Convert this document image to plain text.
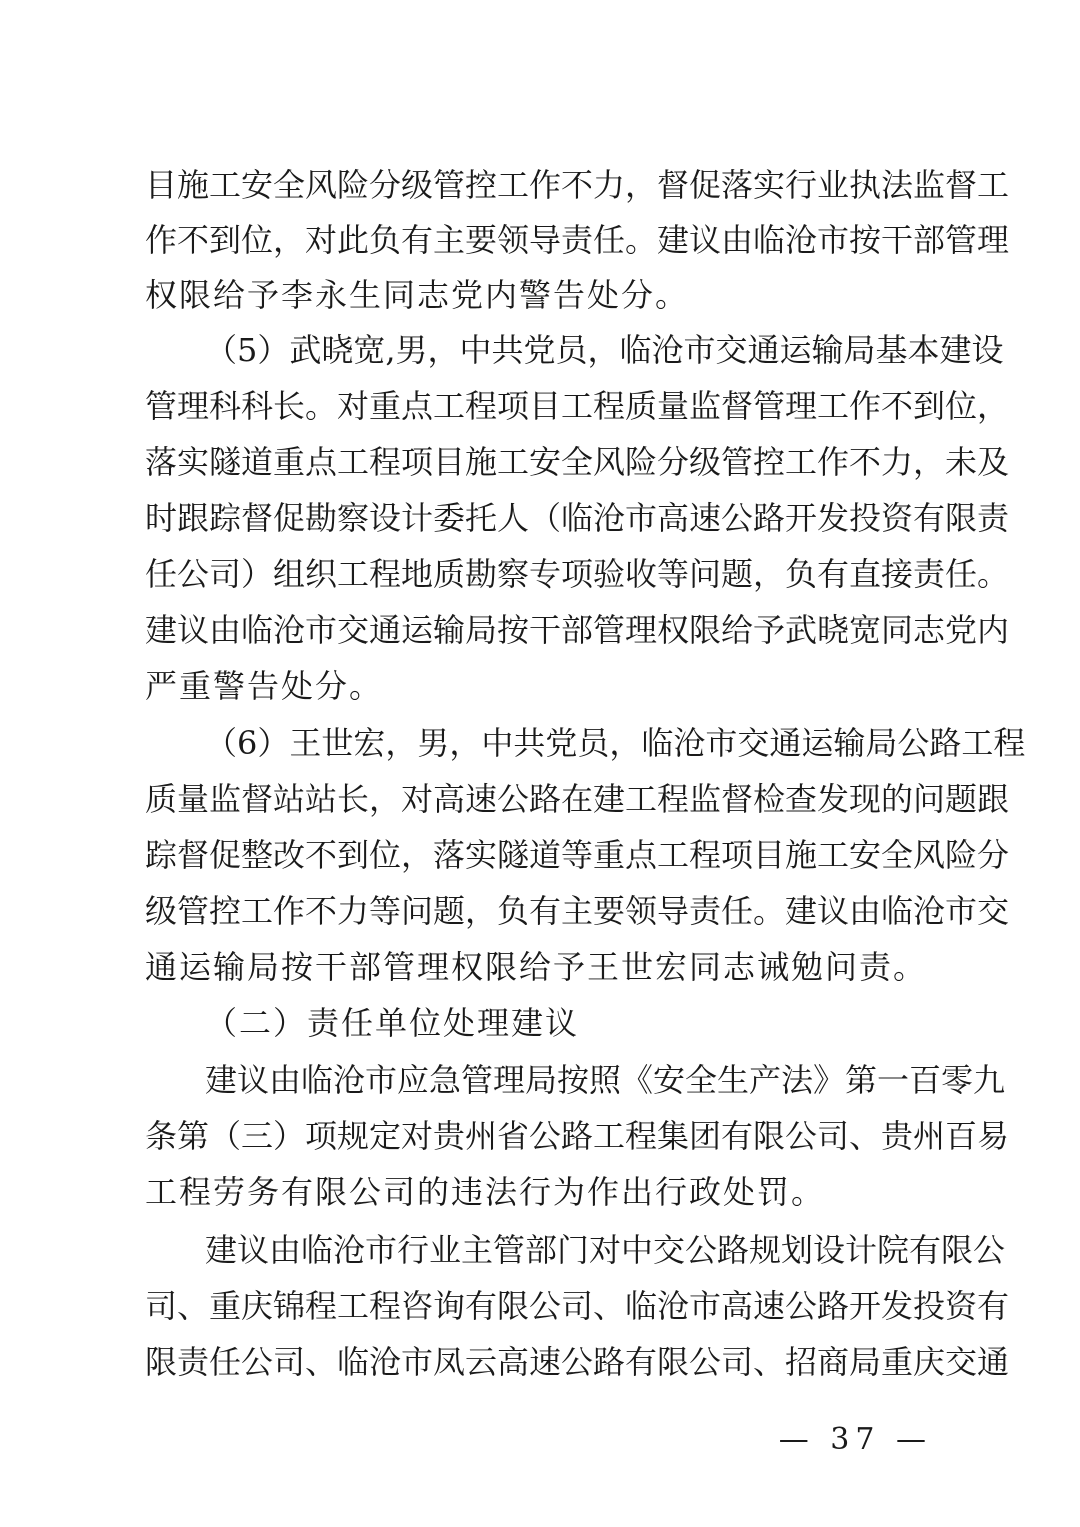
目施工安全风险分级管控工作不力，督促落实行业执法监督工
作不到位，对此负有主要领导责任。建议由临沧市按干部管理
权限给予李永生同志党内警告处分。
（5）武晓宽,男，中共党员，临沧市交通运输局基本建设
管理科科长。对重点工程项目工程质量监督管理工作不到位，
落实隧道重点工程项目施工安全风险分级管控工作不力，未及
时跟踪督促勘察设计委托人（临沧市高速公路开发投资有限责
任公司）组织工程地质勘察专项验收等问题，负有直接责任。
建议由临沧市交通运输局按干部管理权限给予武晓宽同志党内
严重警告处分。
（6）王世宏，男，中共党员，临沧市交通运输局公路工程
质量监督站站长，对高速公路在建工程监督检查发现的问题跟
踪督促整改不到位，落实隧道等重点工程项目施工安全风险分
级管控工作不力等问题，负有主要领导责任。建议由临沧市交
通运输局按干部管理权限给予王世宏同志诫勉问责。
（二）责任单位处理建议
建议由临沧市应急管理局按照《安全生产法》第一百零九
条第（三）项规定对贵州省公路工程集团有限公司、贵州百易
工程劳务有限公司的违法行为作出行政处罚。
建议由临沧市行业主管部门对中交公路规划设计院有限公
司、重庆锦程工程咨询有限公司、临沧市高速公路开发投资有
限责任公司、临沧市凤云高速公路有限公司、招商局重庆交通
— 37 —
